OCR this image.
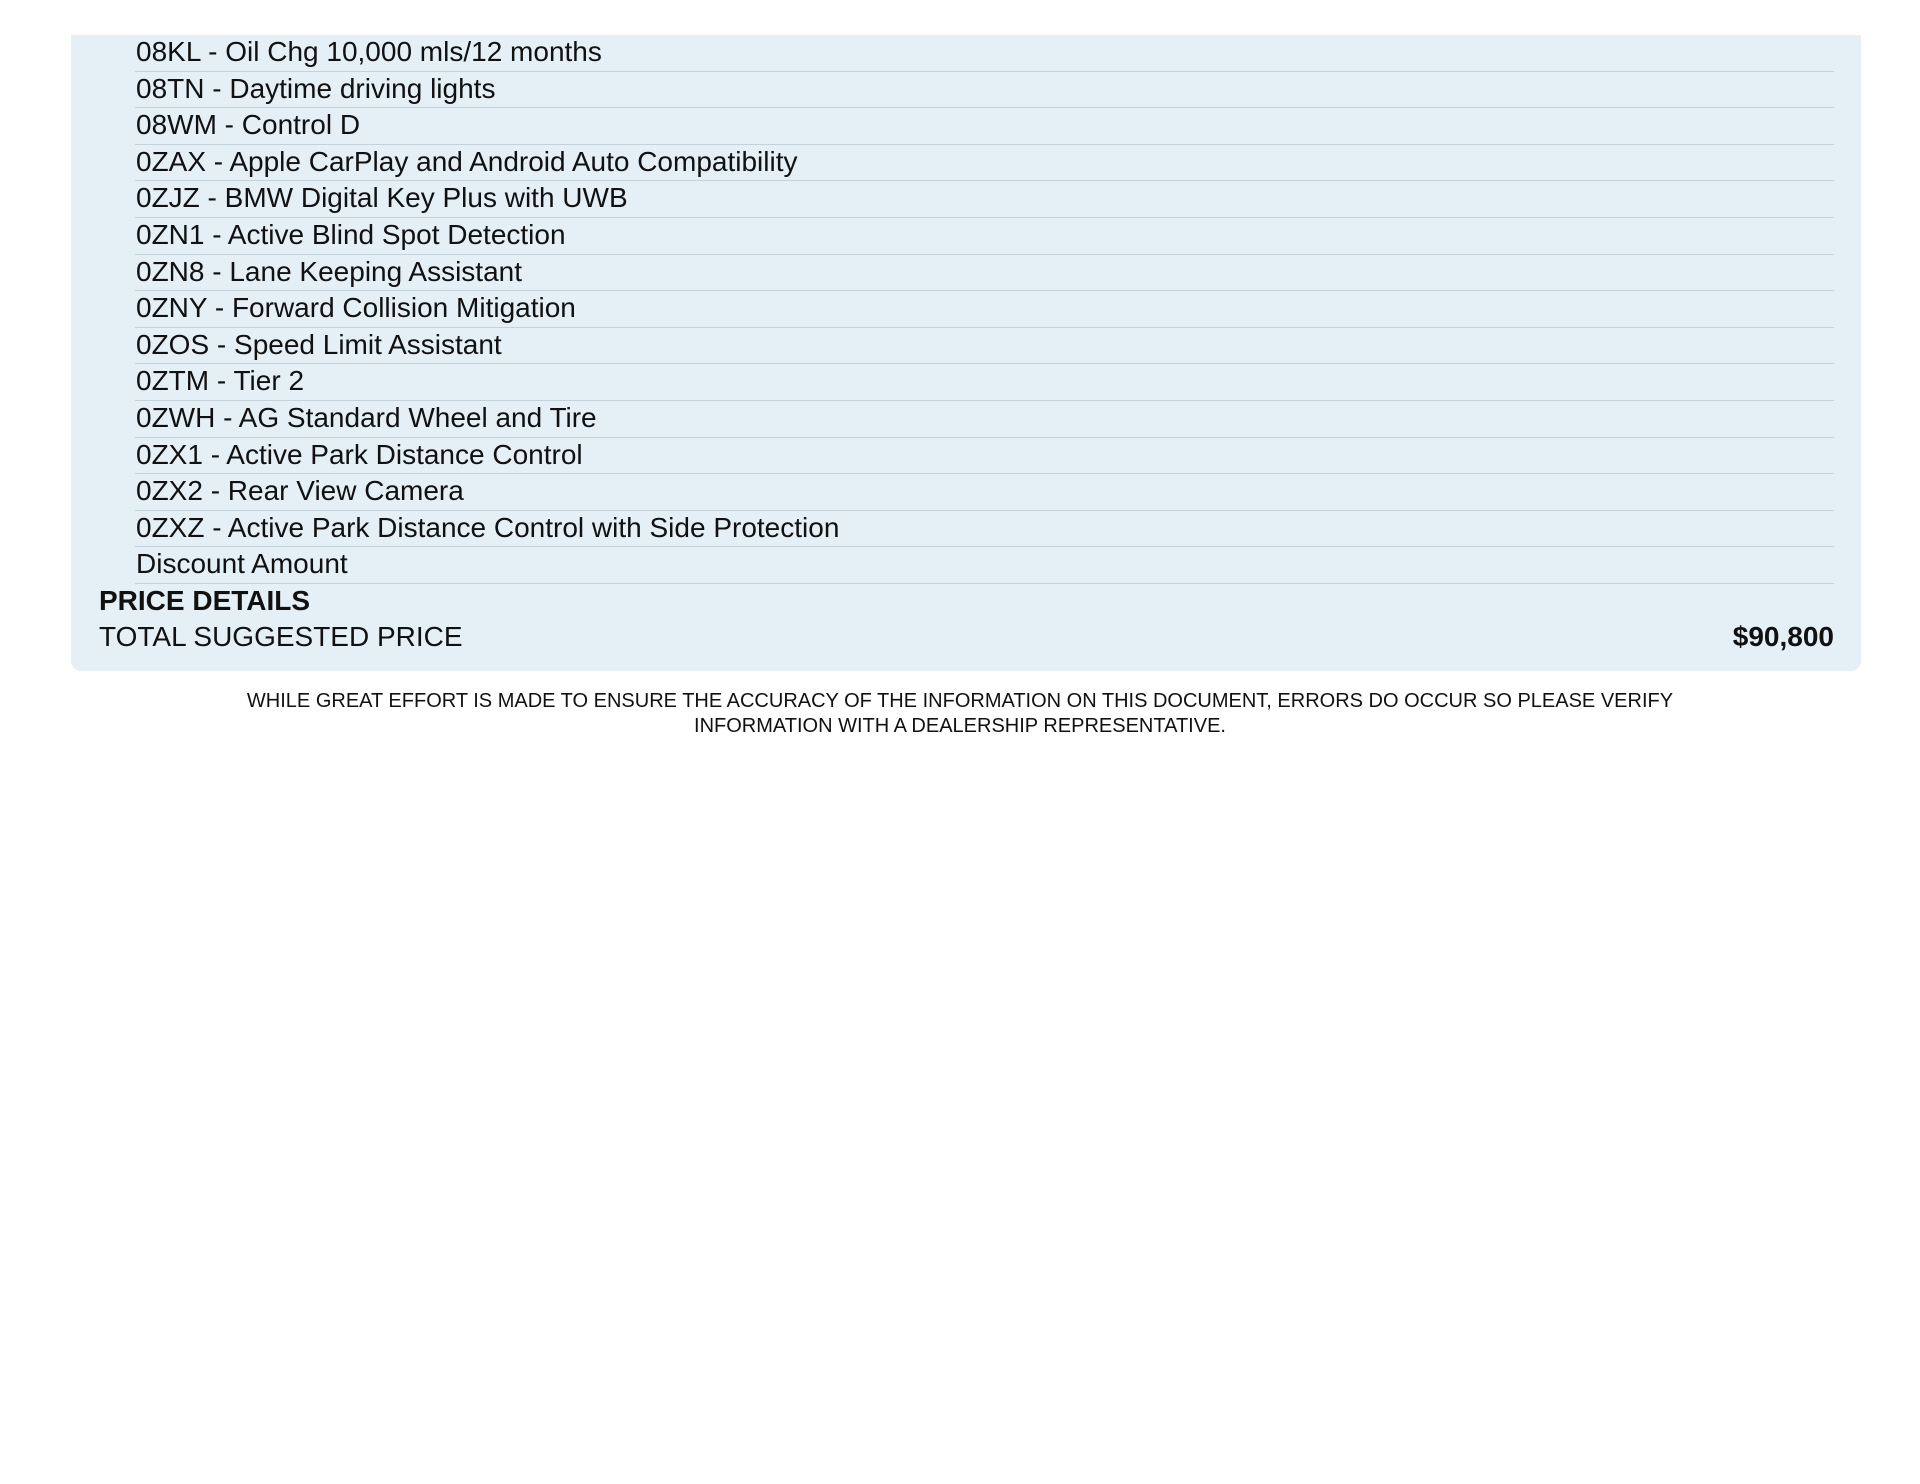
08KL - Oil Chg 10,000 mls/12 months
08TN - Daytime driving lights
08WM - Control D
0ZAX - Apple CarPlay and Android Auto Compatibility
0ZJZ - BMW Digital Key Plus with UWB
0ZN1 - Active Blind Spot Detection
0ZN8 - Lane Keeping Assistant
0ZNY - Forward Collision Mitigation
0ZOS - Speed Limit Assistant
0ZTM - Tier 2
0ZWH - AG Standard Wheel and Tire
0ZX1 - Active Park Distance Control
0ZX2 - Rear View Camera
0ZXZ - Active Park Distance Control with Side Protection
Discount Amount
PRICE DETAILS
TOTAL SUGGESTED PRICE	$90,800
WHILE GREAT EFFORT IS MADE TO ENSURE THE ACCURACY OF THE INFORMATION ON THIS DOCUMENT, ERRORS DO OCCUR SO PLEASE VERIFY
INFORMATION WITH A DEALERSHIP REPRESENTATIVE.
